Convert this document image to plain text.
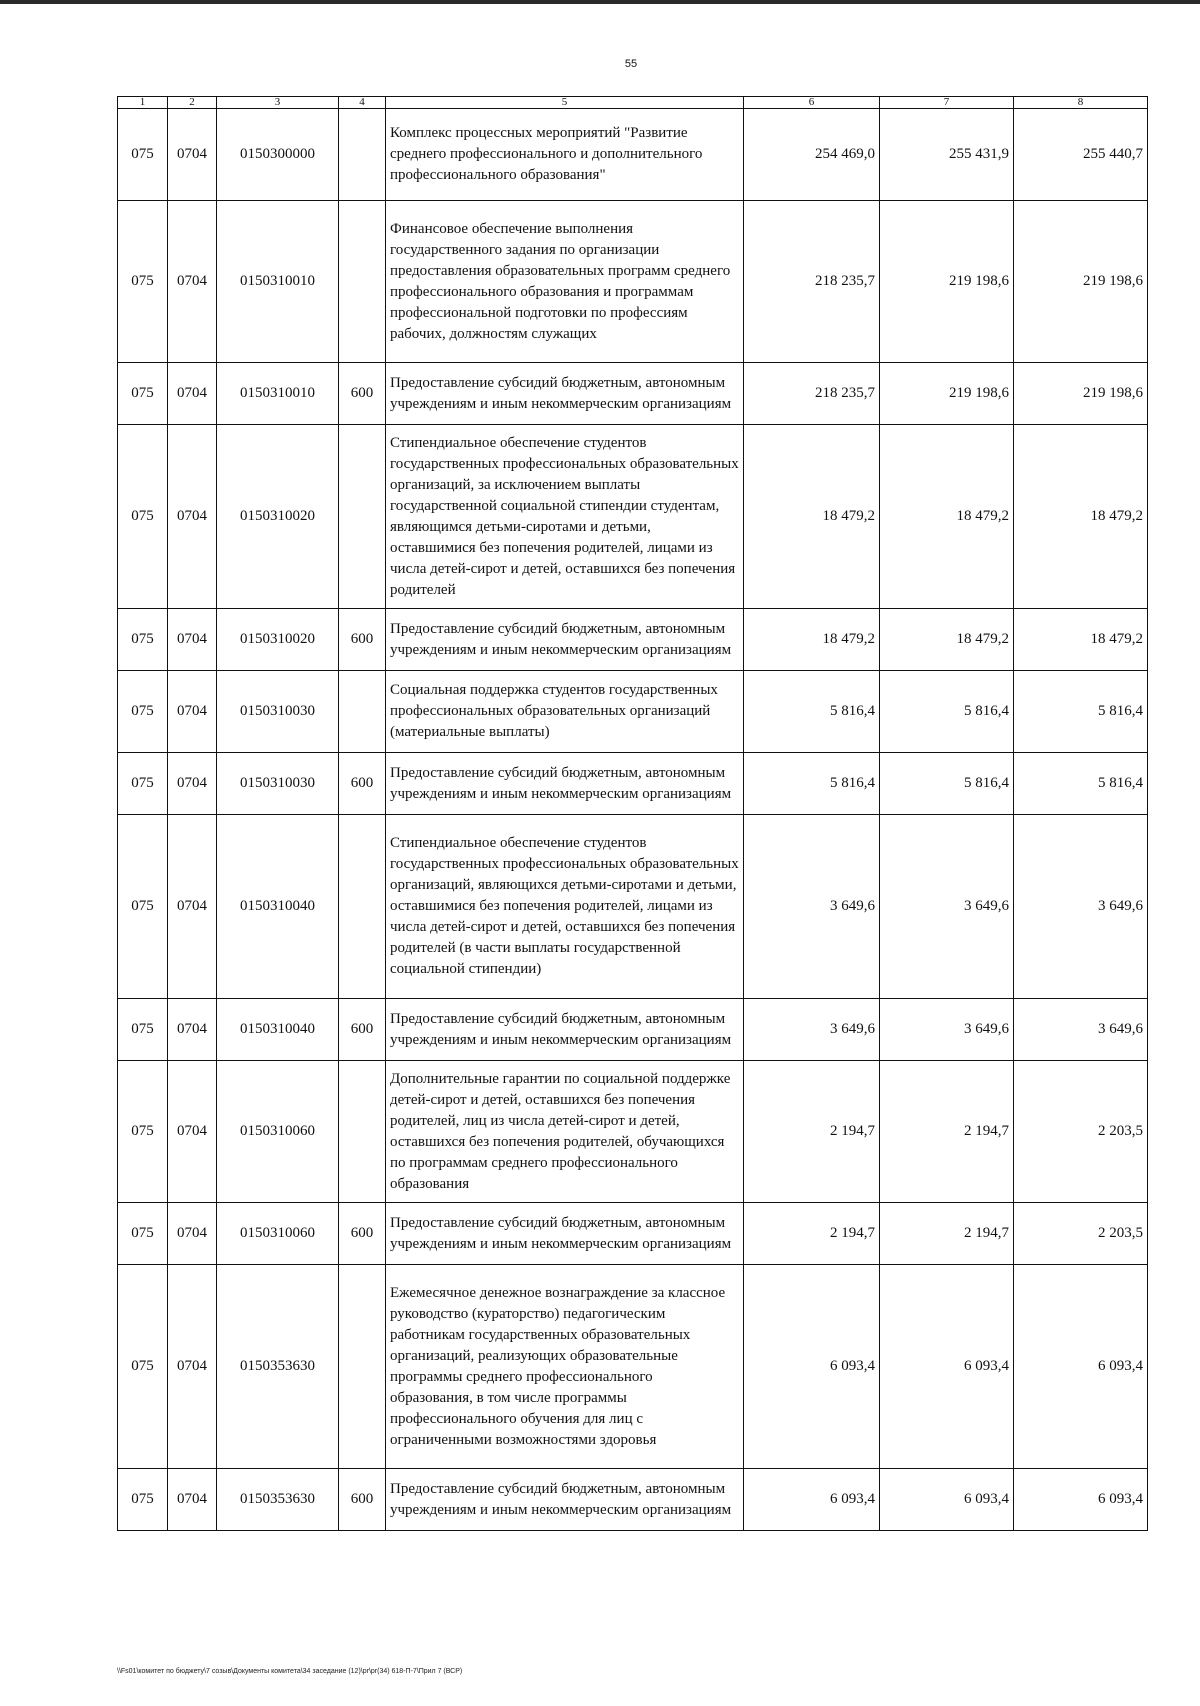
55
1	2	3	4	5	6	7	8
075	0704	0150300000		Комплекс процессных мероприятий "Развитие среднего профессионального и дополнительного профессионального образования"	254 469,0	255 431,9	255 440,7
075	0704	0150310010		Финансовое обеспечение выполнения государственного задания по организации предоставления образовательных программ среднего профессионального образования и программам профессиональной подготовки по профессиям рабочих, должностям служащих	218 235,7	219 198,6	219 198,6
075	0704	0150310010	600	Предоставление субсидий бюджетным, автономным учреждениям и иным некоммерческим организациям	218 235,7	219 198,6	219 198,6
075	0704	0150310020		Стипендиальное обеспечение студентов государственных профессиональных образовательных организаций, за исключением выплаты государственной социальной стипендии студентам, являющимся детьми-сиротами и детьми, оставшимися без попечения родителей, лицами из числа детей-сирот и детей, оставшихся без попечения родителей	18 479,2	18 479,2	18 479,2
075	0704	0150310020	600	Предоставление субсидий бюджетным, автономным учреждениям и иным некоммерческим организациям	18 479,2	18 479,2	18 479,2
075	0704	0150310030		Социальная поддержка студентов государственных профессиональных образовательных организаций (материальные выплаты)	5 816,4	5 816,4	5 816,4
075	0704	0150310030	600	Предоставление субсидий бюджетным, автономным учреждениям и иным некоммерческим организациям	5 816,4	5 816,4	5 816,4
075	0704	0150310040		Стипендиальное обеспечение студентов государственных профессиональных образовательных организаций, являющихся детьми-сиротами и детьми, оставшимися без попечения родителей, лицами из числа детей-сирот и детей, оставшихся без попечения родителей (в части выплаты государственной социальной стипендии)	3 649,6	3 649,6	3 649,6
075	0704	0150310040	600	Предоставление субсидий бюджетным, автономным учреждениям и иным некоммерческим организациям	3 649,6	3 649,6	3 649,6
075	0704	0150310060		Дополнительные гарантии по социальной поддержке детей-сирот и детей, оставшихся без попечения родителей, лиц из числа детей-сирот и детей, оставшихся без попечения родителей, обучающихся по программам среднего профессионального образования	2 194,7	2 194,7	2 203,5
075	0704	0150310060	600	Предоставление субсидий бюджетным, автономным учреждениям и иным некоммерческим организациям	2 194,7	2 194,7	2 203,5
075	0704	0150353630		Ежемесячное денежное вознаграждение за классное руководство (кураторство) педагогическим работникам государственных образовательных организаций, реализующих образовательные программы среднего профессионального образования, в том числе программы профессионального обучения для лиц с ограниченными возможностями здоровья	6 093,4	6 093,4	6 093,4
075	0704	0150353630	600	Предоставление субсидий бюджетным, автономным учреждениям и иным некоммерческим организациям	6 093,4	6 093,4	6 093,4
\\Fs01\комитет по бюджету\7 созыв\Документы комитета\34 заседание (12)\pr\pr(34) 618-П-7\Прил 7 (ВСР)
